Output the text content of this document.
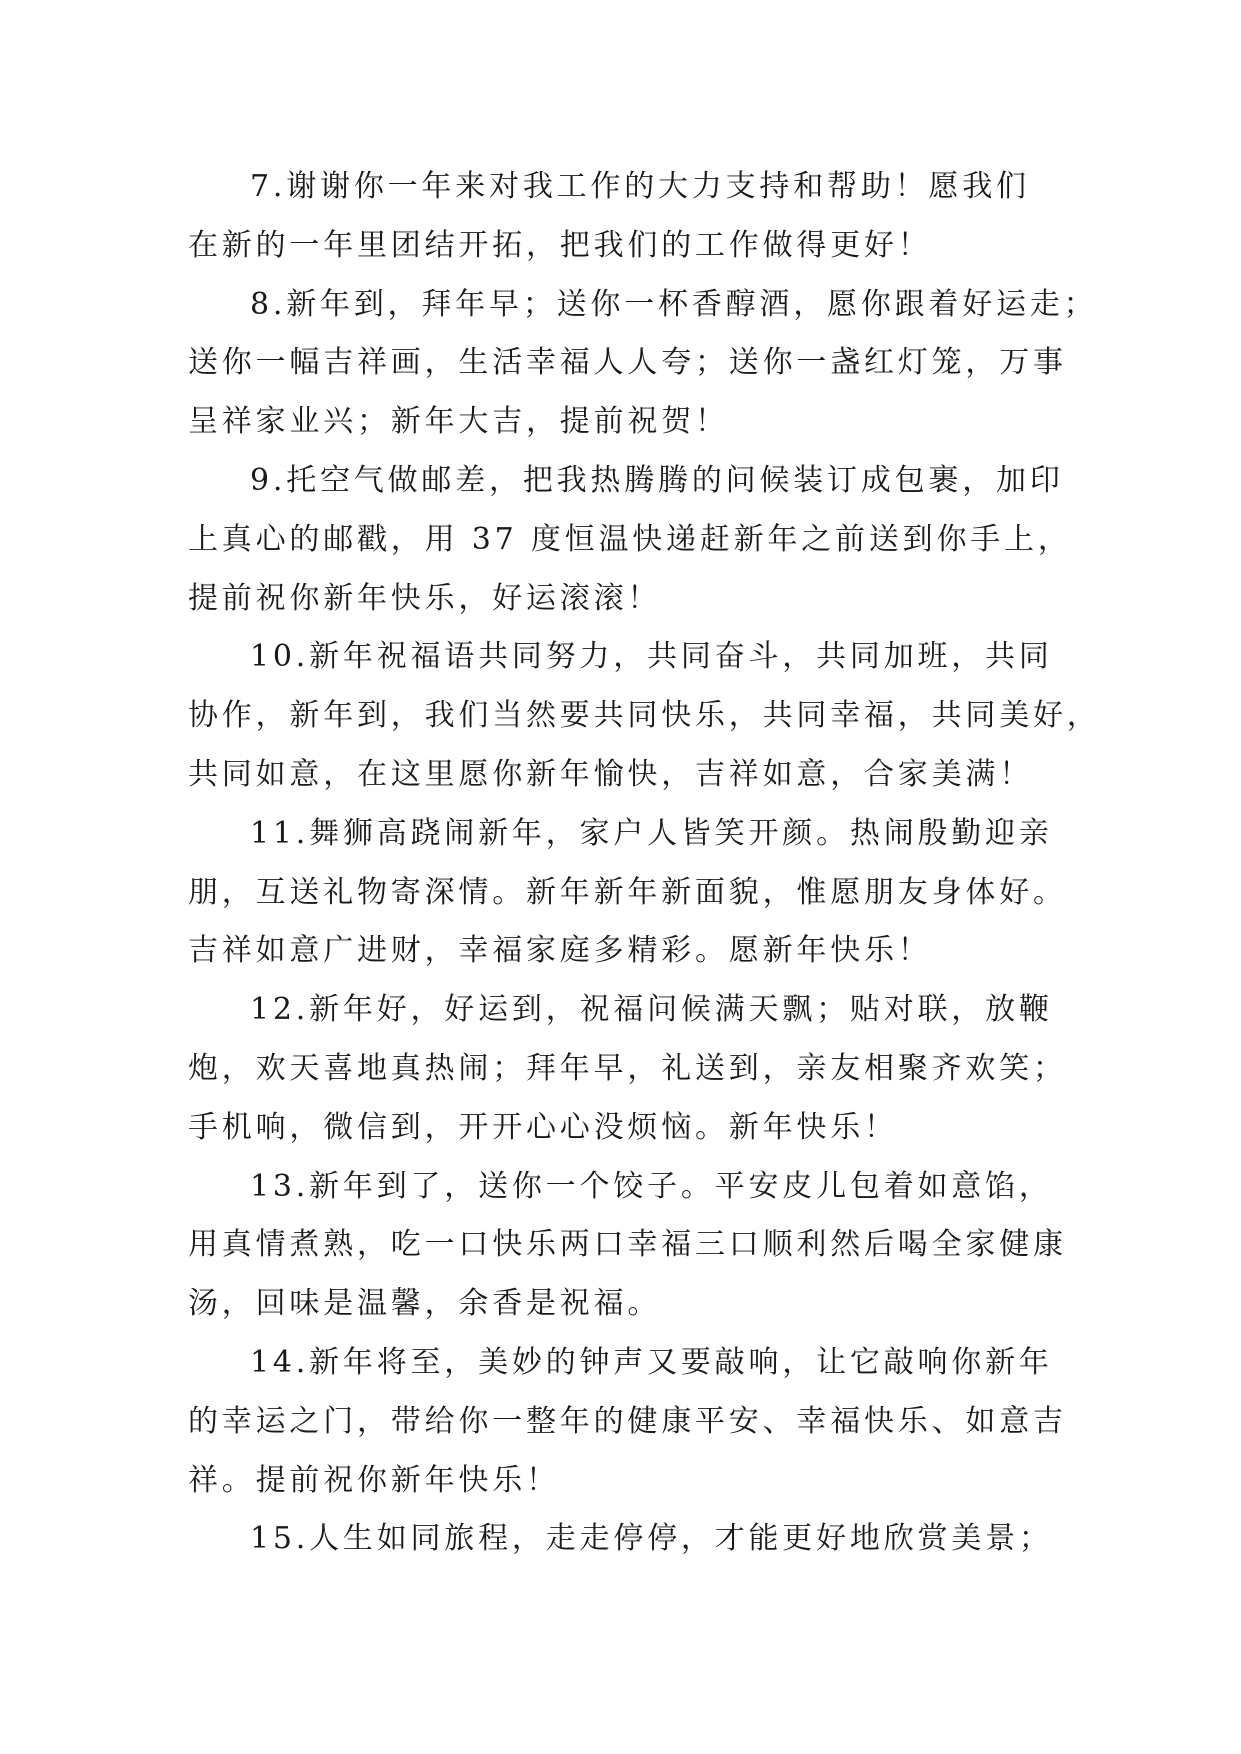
7.谢谢你一年来对我工作的大力支持和帮助！愿我们
在新的一年里团结开拓，把我们的工作做得更好！

8.新年到，拜年早；送你一杯香醇酒，愿你跟着好运走；
送你一幅吉祥画，生活幸福人人夸；送你一盏红灯笼，万事
呈祥家业兴；新年大吉，提前祝贺！

9.托空气做邮差，把我热腾腾的问候装订成包裹，加印
上真心的邮戳，用 37 度恒温快递赶新年之前送到你手上，
提前祝你新年快乐，好运滚滚！

10.新年祝福语共同努力，共同奋斗，共同加班，共同
协作，新年到，我们当然要共同快乐，共同幸福，共同美好，
共同如意，在这里愿你新年愉快，吉祥如意，合家美满！

11.舞狮高跷闹新年，家户人皆笑开颜。热闹殷勤迎亲
朋，互送礼物寄深情。新年新年新面貌，惟愿朋友身体好。
吉祥如意广进财，幸福家庭多精彩。愿新年快乐！

12.新年好，好运到，祝福问候满天飘；贴对联，放鞭
炮，欢天喜地真热闹；拜年早，礼送到，亲友相聚齐欢笑；
手机响，微信到，开开心心没烦恼。新年快乐！

13.新年到了，送你一个饺子。平安皮儿包着如意馅，
用真情煮熟，吃一口快乐两口幸福三口顺利然后喝全家健康
汤，回味是温馨，余香是祝福。

14.新年将至，美妙的钟声又要敲响，让它敲响你新年
的幸运之门，带给你一整年的健康平安、幸福快乐、如意吉
祥。提前祝你新年快乐！

15.人生如同旅程，走走停停，才能更好地欣赏美景；
